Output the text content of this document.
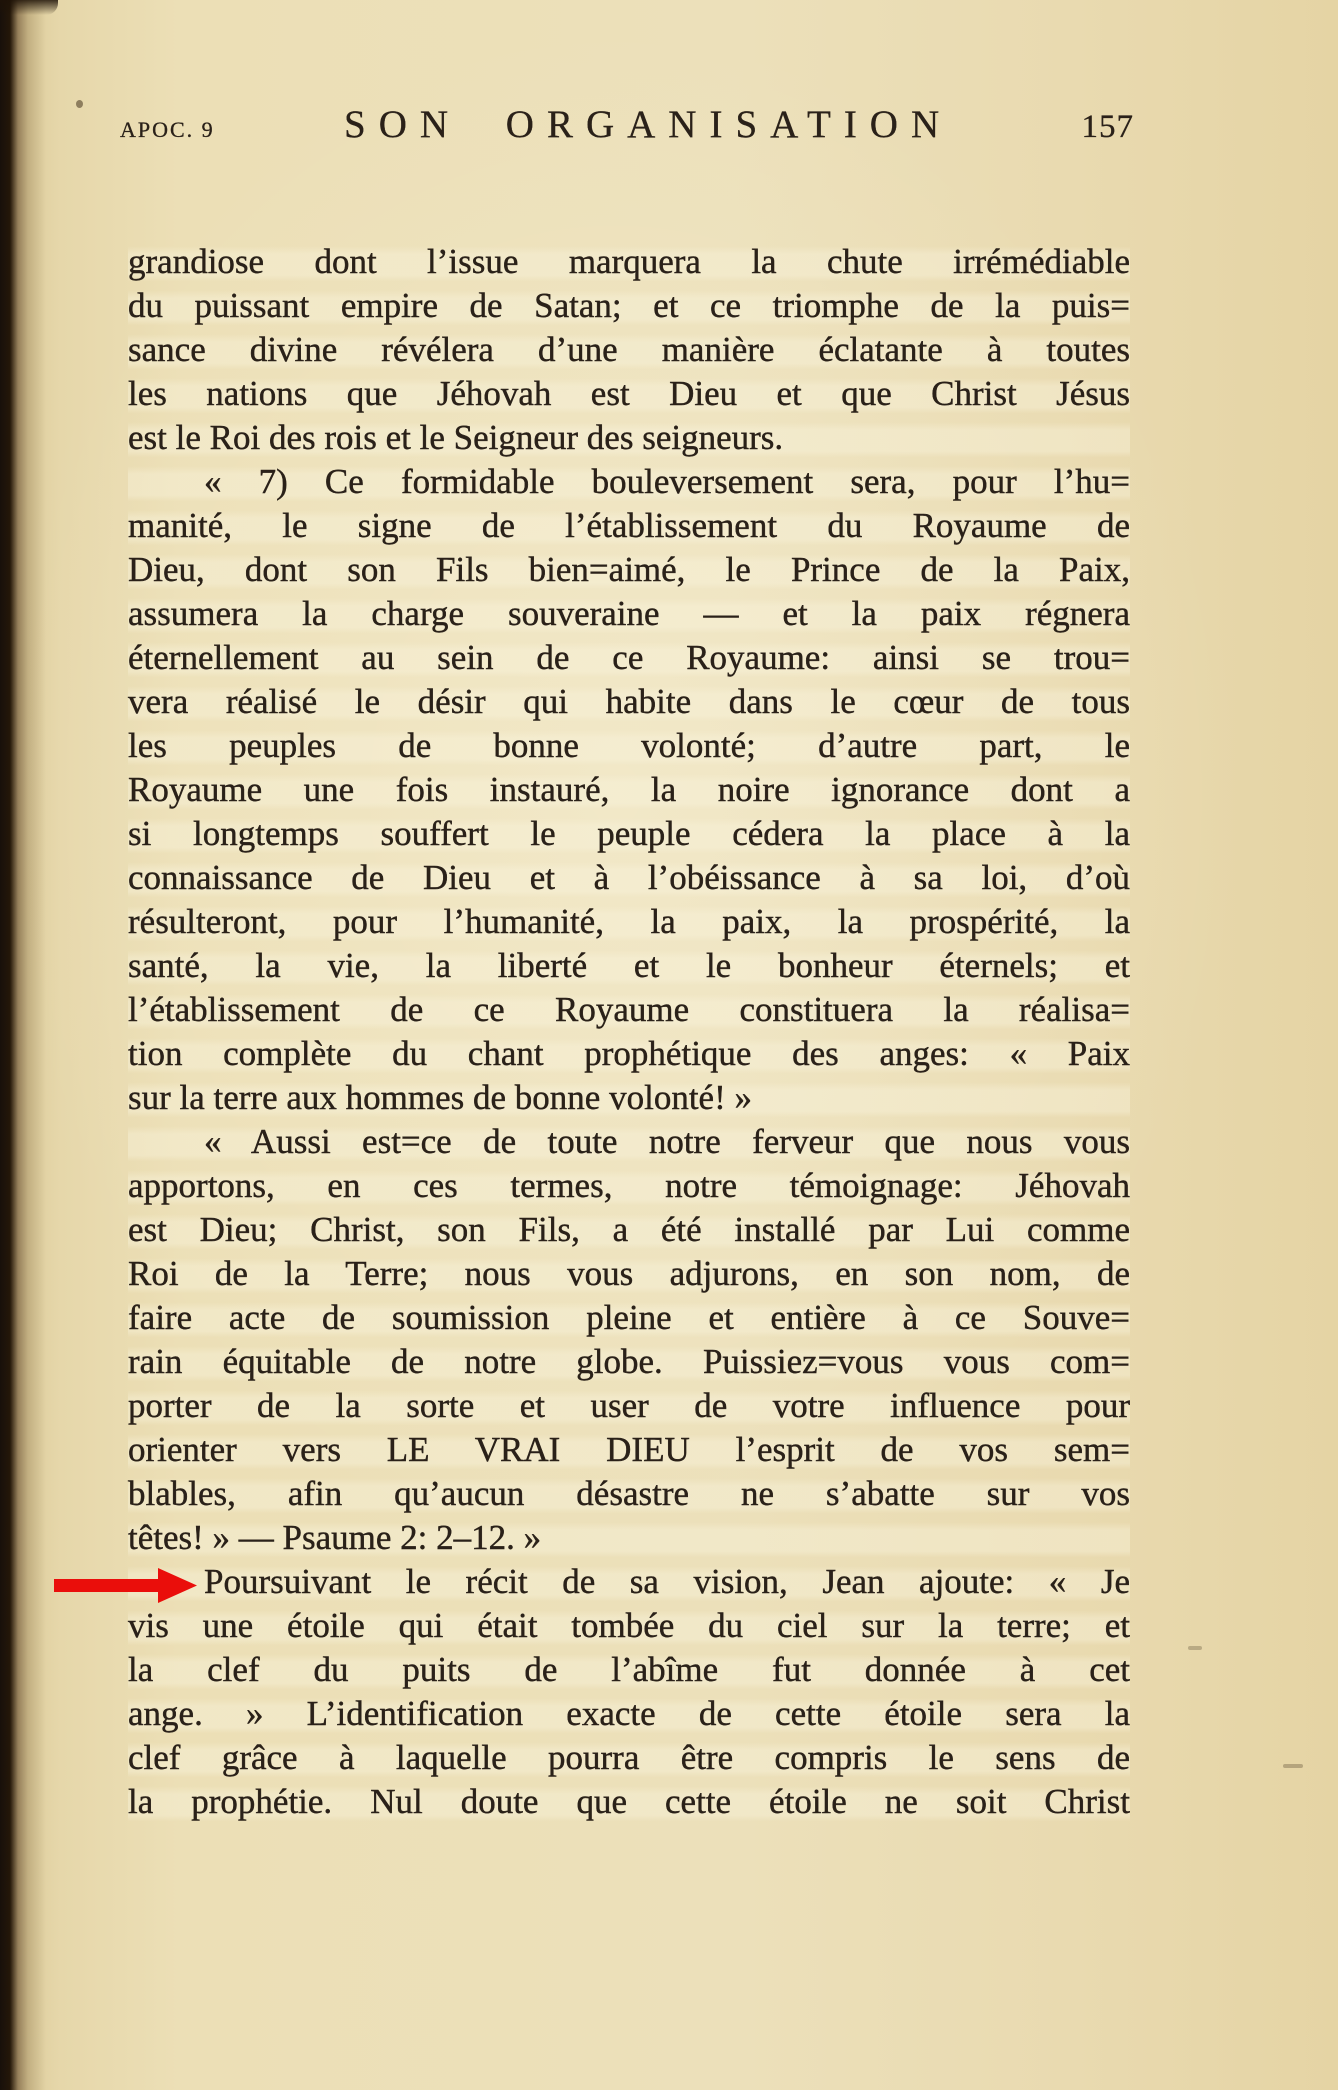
APOC. 9	SON ORGANISATION	157
grandiose dont l’issue marquera la chute irrémédiable
du puissant empire de Satan; et ce triomphe de la puis=
sance divine révélera d’une manière éclatante à toutes
les nations que Jéhovah est Dieu et que Christ Jésus
est le Roi des rois et le Seigneur des seigneurs.
« 7) Ce formidable bouleversement sera, pour l’hu=
manité, le signe de l’établissement du Royaume de
Dieu, dont son Fils bien=aimé, le Prince de la Paix,
assumera la charge souveraine — et la paix régnera
éternellement au sein de ce Royaume: ainsi se trou=
vera réalisé le désir qui habite dans le cœur de tous
les peuples de bonne volonté; d’autre part, le
Royaume une fois instauré, la noire ignorance dont a
si longtemps souffert le peuple cédera la place à la
connaissance de Dieu et à l’obéissance à sa loi, d’où
résulteront, pour l’humanité, la paix, la prospérité, la
santé, la vie, la liberté et le bonheur éternels; et
l’établissement de ce Royaume constituera la réalisa=
tion complète du chant prophétique des anges: « Paix
sur la terre aux hommes de bonne volonté! »
« Aussi est=ce de toute notre ferveur que nous vous
apportons, en ces termes, notre témoignage: Jéhovah
est Dieu; Christ, son Fils, a été installé par Lui comme
Roi de la Terre; nous vous adjurons, en son nom, de
faire acte de soumission pleine et entière à ce Souve=
rain équitable de notre globe. Puissiez=vous vous com=
porter de la sorte et user de votre influence pour
orienter vers LE VRAI DIEU l’esprit de vos sem=
blables, afin qu’aucun désastre ne s’abatte sur vos
têtes! » — Psaume 2: 2–12. »
Poursuivant le récit de sa vision, Jean ajoute: « Je
vis une étoile qui était tombée du ciel sur la terre; et
la clef du puits de l’abîme fut donnée à cet
ange. » L’identification exacte de cette étoile sera la
clef grâce à laquelle pourra être compris le sens de
la prophétie. Nul doute que cette étoile ne soit Christ
